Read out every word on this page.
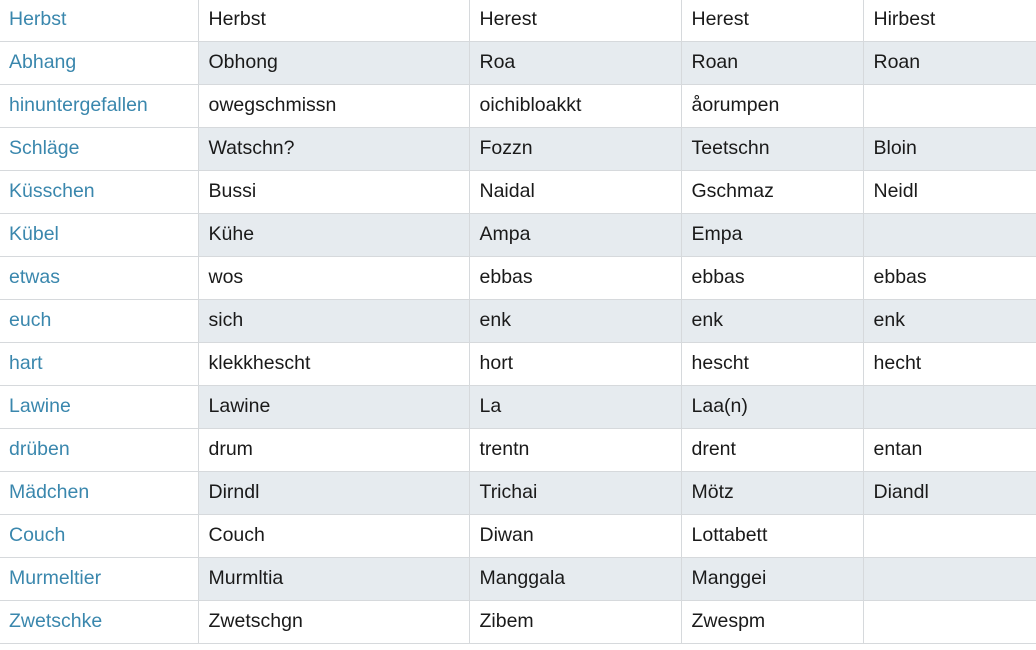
Herbst	Herbst	Herest	Herest	Hirbest
Abhang	Obhong	Roa	Roan	Roan
hinuntergefallen	owegschmissn	oichibloakkt	åorumpen	
Schläge	Watschn?	Fozzn	Teetschn	Bloin
Küsschen	Bussi	Naidal	Gschmaz	Neidl
Kübel	Kühe	Ampa	Empa	
etwas	wos	ebbas	ebbas	ebbas
euch	sich	enk	enk	enk
hart	klekkhescht	hort	hescht	hecht
Lawine	Lawine	La	Laa(n)	
drüben	drum	trentn	drent	entan
Mädchen	Dirndl	Trichai	Mötz	Diandl
Couch	Couch	Diwan	Lottabett	
Murmeltier	Murmltia	Manggala	Manggei	
Zwetschke	Zwetschgn	Zibem	Zwespm	
